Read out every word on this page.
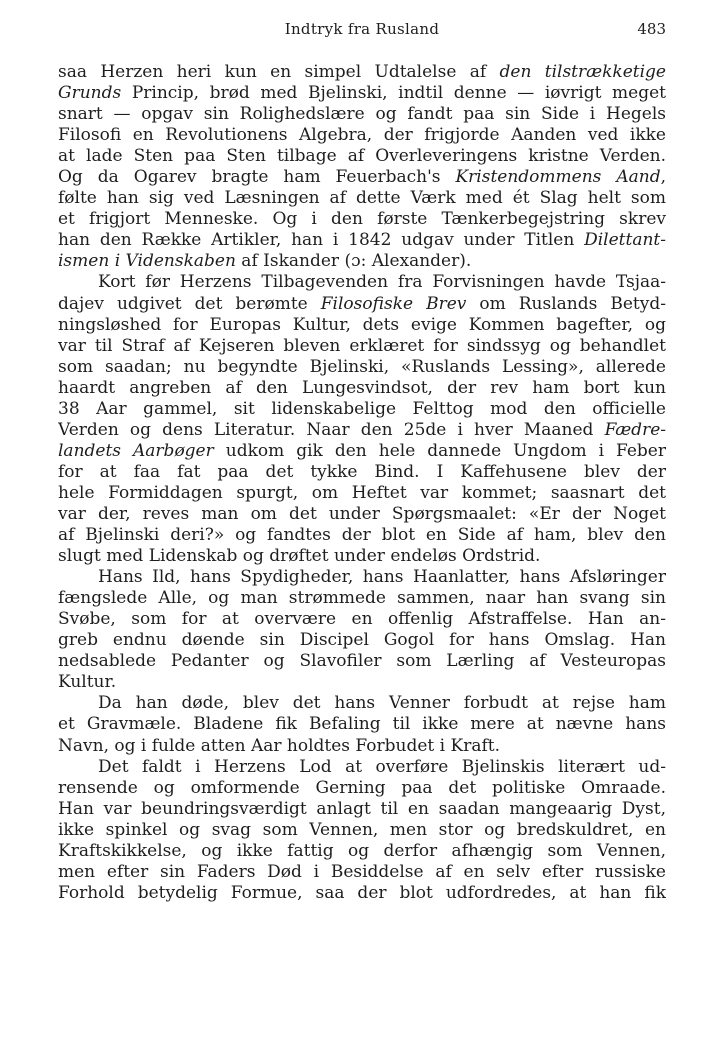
Indtryk fra Rusland	483
saa Herzen heri kun en simpel Udtalelse af den tilstrækketige
Grunds Princip, brød med Bjelinski, indtil denne — iøvrigt meget
snart — opgav sin Rolighedslære og fandt paa sin Side i Hegels
Filosofi en Revolutionens Algebra, der frigjorde Aanden ved ikke
at lade Sten paa Sten tilbage af Overleveringens kristne Verden.
Og da Ogarev bragte ham Feuerbach's Kristendommens Aand,
følte han sig ved Læsningen af dette Værk med ét Slag helt som
et frigjort Menneske. Og i den første Tænkerbegejstring skrev
han den Række Artikler, han i 1842 udgav under Titlen Dilettant-
ismen i Videnskaben af Iskander (ɔ: Alexander).
Kort før Herzens Tilbagevenden fra Forvisningen havde Tsjaa-
dajev udgivet det berømte Filosofiske Brev om Ruslands Betyd-
ningsløshed for Europas Kultur, dets evige Kommen bagefter, og
var til Straf af Kejseren bleven erklæret for sindssyg og behandlet
som saadan; nu begyndte Bjelinski, «Ruslands Lessing», allerede
haardt angreben af den Lungesvindsot, der rev ham bort kun
38 Aar gammel, sit lidenskabelige Felttog mod den officielle
Verden og dens Literatur. Naar den 25de i hver Maaned Fædre-
landets Aarbøger udkom gik den hele dannede Ungdom i Feber
for at faa fat paa det tykke Bind. I Kaffehusene blev der
hele Formiddagen spurgt, om Heftet var kommet; saasnart det
var der, reves man om det under Spørgsmaalet: «Er der Noget
af Bjelinski deri?» og fandtes der blot en Side af ham, blev den
slugt med Lidenskab og drøftet under endeløs Ordstrid.
Hans Ild, hans Spydigheder, hans Haanlatter, hans Afsløringer
fængslede Alle, og man strømmede sammen, naar han svang sin
Svøbe, som for at overvære en offenlig Afstraffelse. Han an-
greb endnu døende sin Discipel Gogol for hans Omslag. Han
nedsablede Pedanter og Slavofiler som Lærling af Vesteuropas
Kultur.
Da han døde, blev det hans Venner forbudt at rejse ham
et Gravmæle. Bladene fik Befaling til ikke mere at nævne hans
Navn, og i fulde atten Aar holdtes Forbudet i Kraft.
Det faldt i Herzens Lod at overføre Bjelinskis literært ud-
rensende og omformende Gerning paa det politiske Omraade.
Han var beundringsværdigt anlagt til en saadan mangeaarig Dyst,
ikke spinkel og svag som Vennen, men stor og bredskuldret, en
Kraftskikkelse, og ikke fattig og derfor afhængig som Vennen,
men efter sin Faders Død i Besiddelse af en selv efter russiske
Forhold betydelig Formue, saa der blot udfordredes, at han fik
